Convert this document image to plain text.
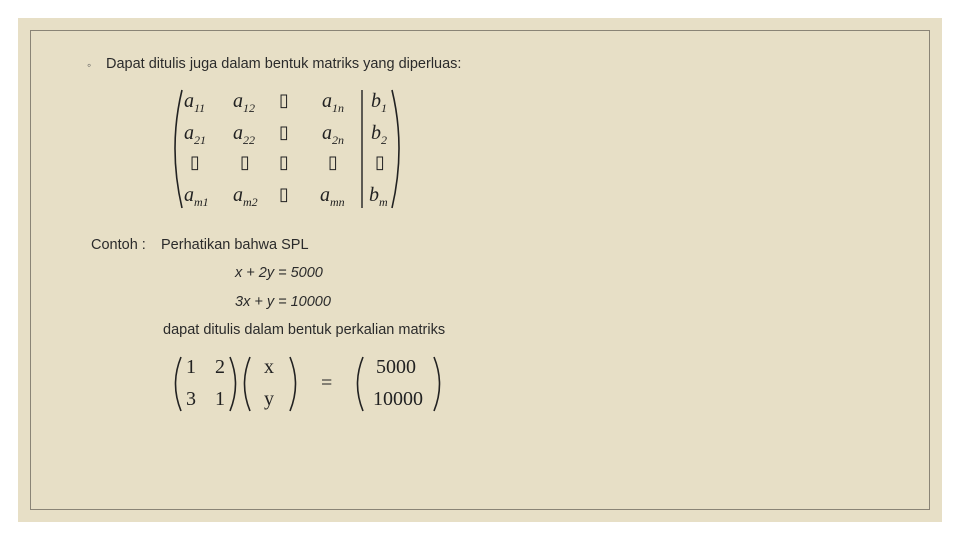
◦ Dapat ditulis juga dalam bentuk matriks yang diperluas:
$a_{11}$ $a_{12}$ ▯ $a_{1n}$ $b_1$
$a_{21}$ $a_{22}$ ▯ $a_{2n}$ $b_2$
▯ ▯ ▯ ▯ ▯
$a_{m1}$ $a_{m2}$ ▯ $a_{mn}$ $b_m$
Contoh : Perhatikan bahwa SPL
x + 2y = 5000
3x + y = 10000
dapat ditulis dalam bentuk perkalian matriks
1 2
3 1
x
y
=
5000
10000
